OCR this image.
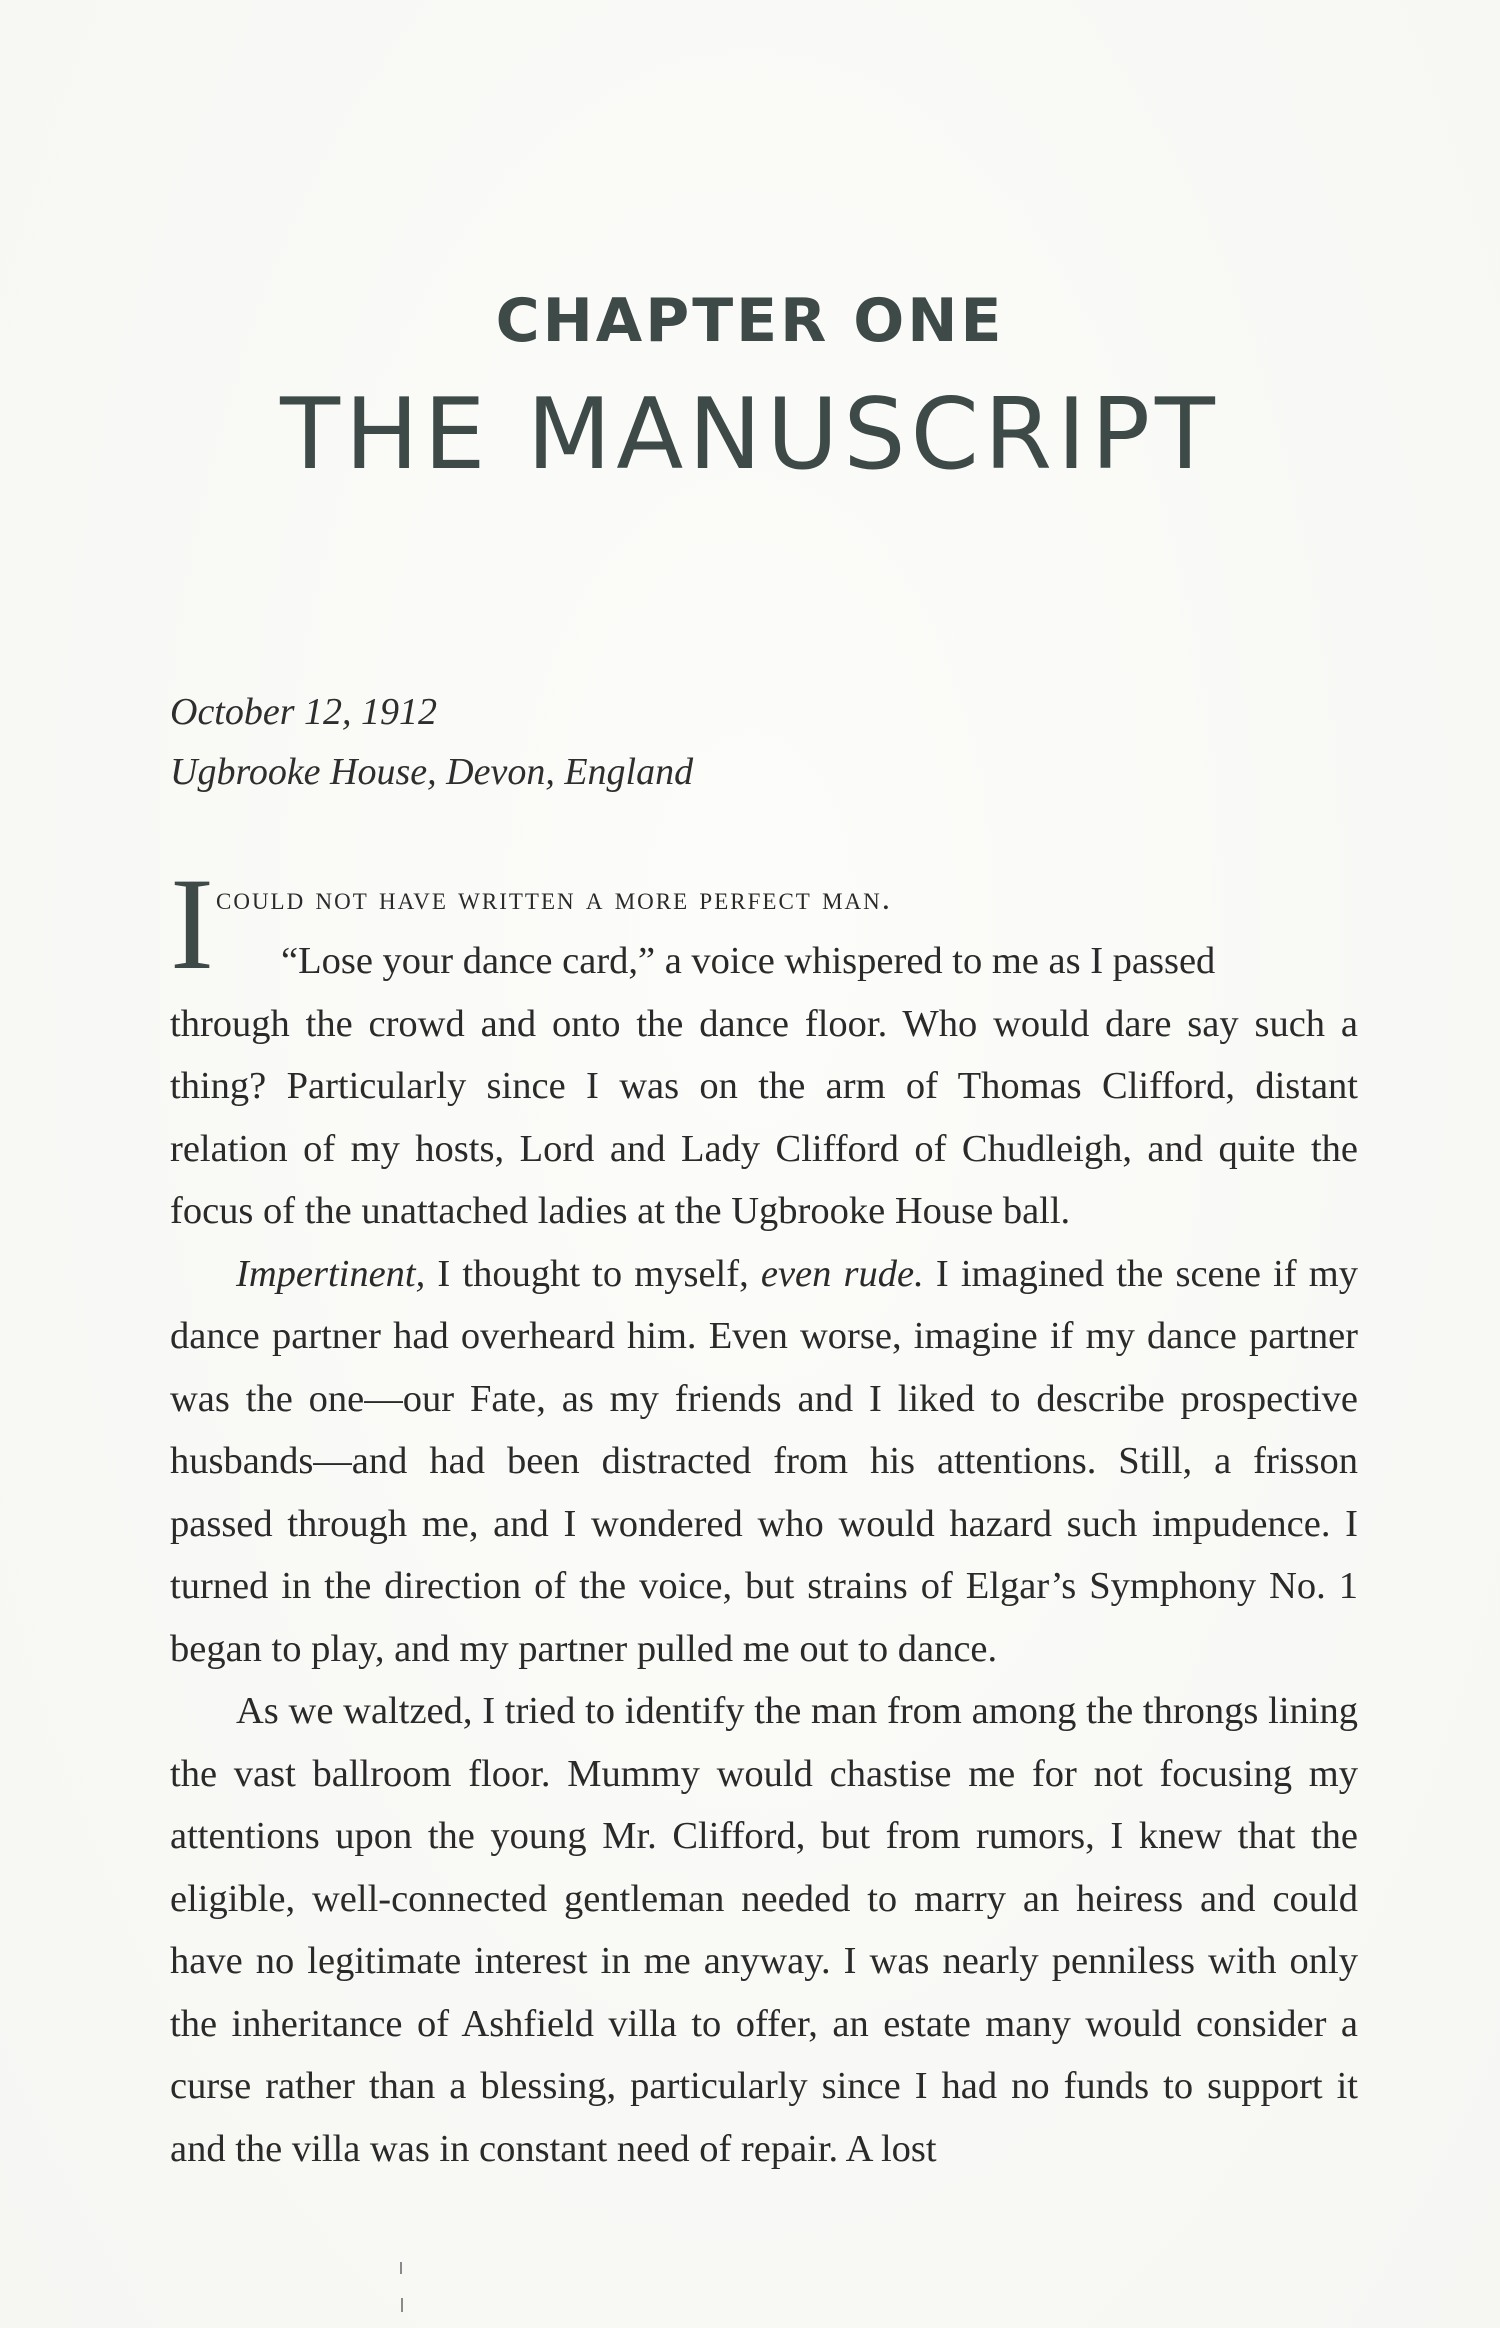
CHAPTER ONE
THE MANUSCRIPT
October 12, 1912
Ugbrooke House, Devon, England
I could not have written a more perfect man.

“Lose your dance card,” a voice whispered to me as I passed
through the crowd and onto the dance floor. Who would dare say such a thing? Particularly since I was on the arm of Thomas Clifford, distant relation of my hosts, Lord and Lady Clifford of Chudleigh, and quite the focus of the unattached ladies at the Ugbrooke House ball.

Impertinent, I thought to myself, even rude. I imagined the scene if my dance partner had overheard him. Even worse, imagine if my dance partner was the one—our Fate, as my friends and I liked to describe prospective husbands—and had been distracted from his attentions. Still, a frisson passed through me, and I wondered who would hazard such impudence. I turned in the direction of the voice, but strains of Elgar’s Symphony No. 1 began to play, and my partner pulled me out to dance.

As we waltzed, I tried to identify the man from among the throngs lining the vast ballroom floor. Mummy would chastise me for not focusing my attentions upon the young Mr. Clifford, but from rumors, I knew that the eligible, well-connected gentleman needed to marry an heiress and could have no legitimate interest in me anyway. I was nearly penniless with only the inheritance of Ashfield villa to offer, an estate many would consider a curse rather than a blessing, particularly since I had no funds to support it and the villa was in constant need of repair. A lost
